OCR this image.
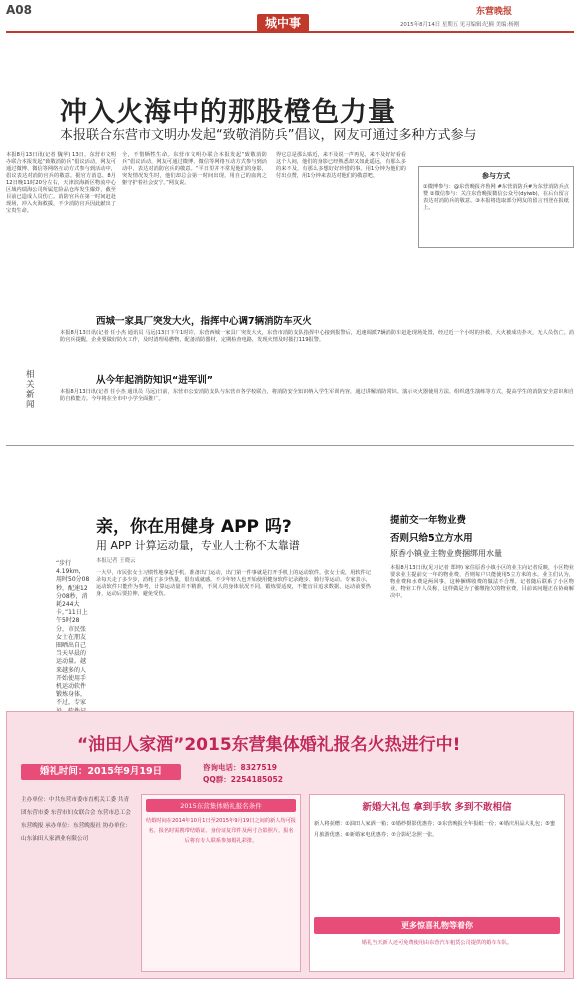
A08
城中事
东营晚报
2015年8月14日 星期五 见习编辑:纪楠 美编:杨刚
冲入火海中的那股橙色力量
本报联合东营市文明办发起“致敬消防兵”倡议，网友可通过多种方式参与
本报8月13日讯(记者 魏苹) 13日，东营市文明办联合本报发起“致敬消防兵”倡议活动，网友可通过微博、微信等网络互动方式参与到活动中，倡议表达对消防官兵的敬意。据官方消息，8月12日晚11时20分左右，天津滨海新区物流中心区域内瑞海公司所属危险品仓库发生爆炸，截至目前已造成人员伤亡。消防官兵在第一时间赶赴现场，冲入火海救援，不少消防官兵因此献出了宝贵生命。
全，不惜牺牲生命。东营市文明办联合本报发起“致敬消防兵”倡议活动，网友可通过微博、微信等网络互动方式参与到活动中，表达对消防官兵的敬意。“平日里并不常见他们的身影，突发情况发生时，他们却总会第一时间出现，用自己的血肉之躯守护着社会安宁。”网友说。
得它总是那么贴近，来不及说一声再见，来不及好好看看这个人间，他们的身影已经熟悉却又如此遥远，有那么多的来不及，有那么多想好好珍惜的事。用1分钟为他们的付出点赞，用1分钟来表达对他们的敬意吧。	参与方式
①微博参与：@东营晚报齐鲁网 #东营消防兵#为东营消防兵点赞 ②微信参与：关注东营晚报微信公众号(dyiwb)，在后台留言表达对消防兵的敬意。③本报将选取部分网友的留言刊登在报纸上。
西城一家具厂突发大火，指挥中心调7辆消防车灭火
本报8月13日讯(记者 任小杰 通讯员 马远)13日下午1时许，东营西城一家具厂突发大火，东营市消防支队指挥中心接到报警后，迅速调派7辆消防车赶赴现场处置，经过近一个小时的扑救，大火被成功扑灭，无人员伤亡。消防官兵提醒，企业要做好防火工作，及时清理易燃物，配备消防器材，定期检查电路，发现火情及时拨打119报警。
相关新闻
从今年起消防知识“进军训”
本报8月13日讯(记者 任小杰 通讯员 马远)日前，东营市公安消防支队与东营市各学校联合，将消防安全知识纳入学生军训内容，通过讲解消防常识、演示灭火器使用方法、组织逃生演练等方式，提高学生的消防安全意识和自防自救能力。今年将在全市中小学全面推广。
亲，你在用健身 APP 吗?
用 APP 计算运动量，专业人士称不太靠谱
本报记者 王晓云
“步行4.19km，用时50分08秒，配速12分08秒，消耗244大卡，”11日上午5时28分，市民张女士在朋友圈晒出自己当天早晨的运动量。越来越多的人开始使用手机运动软件锻炼身体，不过，专家
一大早，市民张女士习惯性地拿起手机，准备出门运动，出门第一件事就是打开手机上的运动软件。张女士说，用软件记录每天走了多少步，消耗了多少热量，很有成就感。不少年轻人也开始使用健身软件记录跑步、骑行等运动。专家表示，运动软件只能作为参考，计算运动量并不精准，不同人的身体状况不同，锻炼要适度，不能盲目追求数据。运动前要热身，运动后要拉伸，避免受伤。
提前交一年物业费
否则只给5立方水用
原香小镇业主物业费捆绑用水量
本报8月13日讯(见习记者 郑坤) 家住原香小镇小区的业主向记者反映，小区物业要求业主提前交一年的物业费，否则每户只能使用5立方米的水。业主们认为，物业费和水费是两回事，这种捆绑收费的做法不合理。记者随后联系了小区物业，物业工作人员称，这样做是为了催缴拖欠的物业费，目前该问题正在协商解决中。
“油田人家酒”2015东营集体婚礼报名火热进行中!
婚礼时间：2015年9月19日	咨询电话：8327519
QQ群：2254185052
主办单位：中共东营市委市直机关工委 共青团东营市委 东营市妇女联合会 东营市总工会 东营晚报 承办单位：东营晚报社 协办单位：山东油田人家酒业有限公司
2015东营集体婚礼报名条件
结婚时间在2014年10月1日至2015年9月19日之间的新人均可报名。报名时需携带结婚证、身份证复印件及两寸合影照片。报名后将有专人联系参加婚礼彩排。
新婚大礼包 拿到手软 多到不敢相信
新人将获赠：①油田人家酒一箱；②婚纱摄影优惠券；③东营晚报全年报纸一份；④婚庆用品大礼包；⑤蜜月旅游优惠；⑥新婚家电优惠券；⑦合影纪念照一张。
更多惊喜礼物等着你
婚礼当天新人还可免费使用由东营汽车租赁公司提供的婚车车队。
